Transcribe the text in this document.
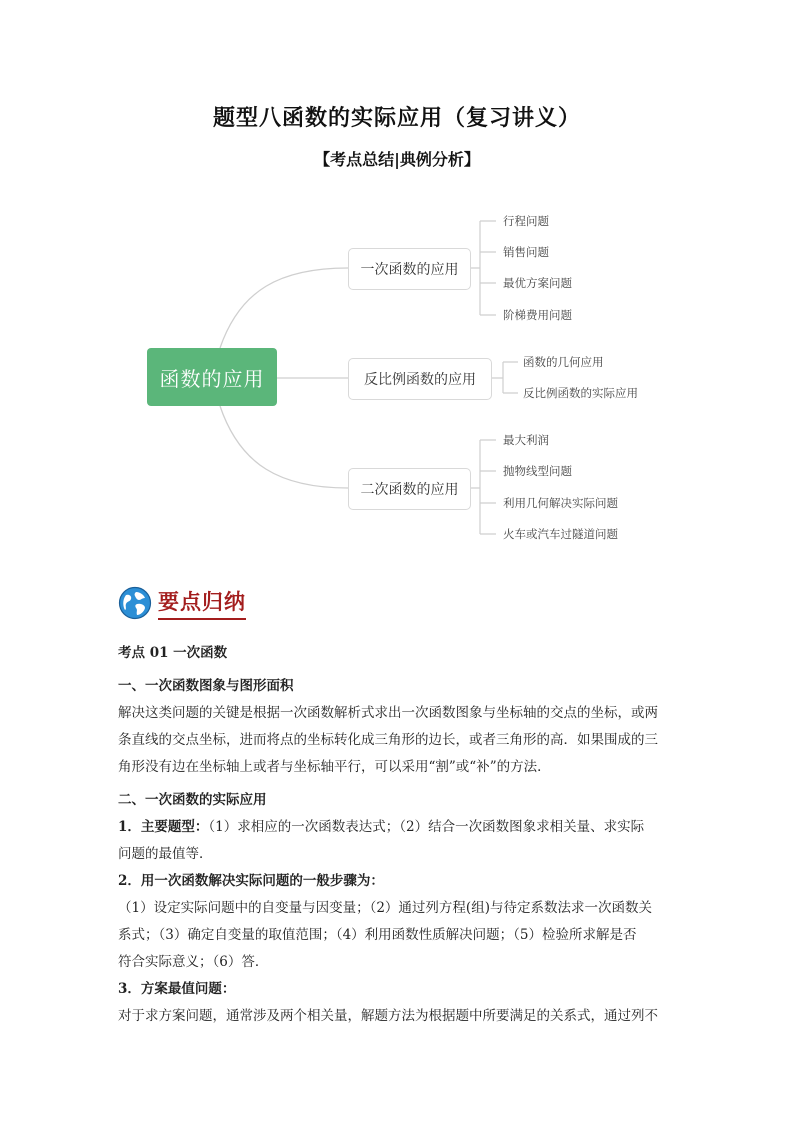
题型八函数的实际应用（复习讲义）
【考点总结|典例分析】
函数的应用
一次函数的应用
反比例函数的应用
二次函数的应用
行程问题
销售问题
最优方案问题
阶梯费用问题
函数的几何应用
反比例函数的实际应用
最大利润
抛物线型问题
利用几何解决实际问题
火车或汽车过隧道问题
要点归纳

考点 01 一次函数

一、一次函数图象与图形面积

解决这类问题的关键是根据一次函数解析式求出一次函数图象与坐标轴的交点的坐标，或两

条直线的交点坐标，进而将点的坐标转化成三角形的边长，或者三角形的高．如果围成的三

角形没有边在坐标轴上或者与坐标轴平行，可以采用“割”或“补”的方法．

二、一次函数的实际应用

1．主要题型：（1）求相应的一次函数表达式；（2）结合一次函数图象求相关量、求实际

问题的最值等．

2．用一次函数解决实际问题的一般步骤为：

（1）设定实际问题中的自变量与因变量；（2）通过列方程(组)与待定系数法求一次函数关

系式；（3）确定自变量的取值范围；（4）利用函数性质解决问题；（5）检验所求解是否

符合实际意义；（6）答．

3．方案最值问题：

对于求方案问题，通常涉及两个相关量，解题方法为根据题中所要满足的关系式，通过列不
